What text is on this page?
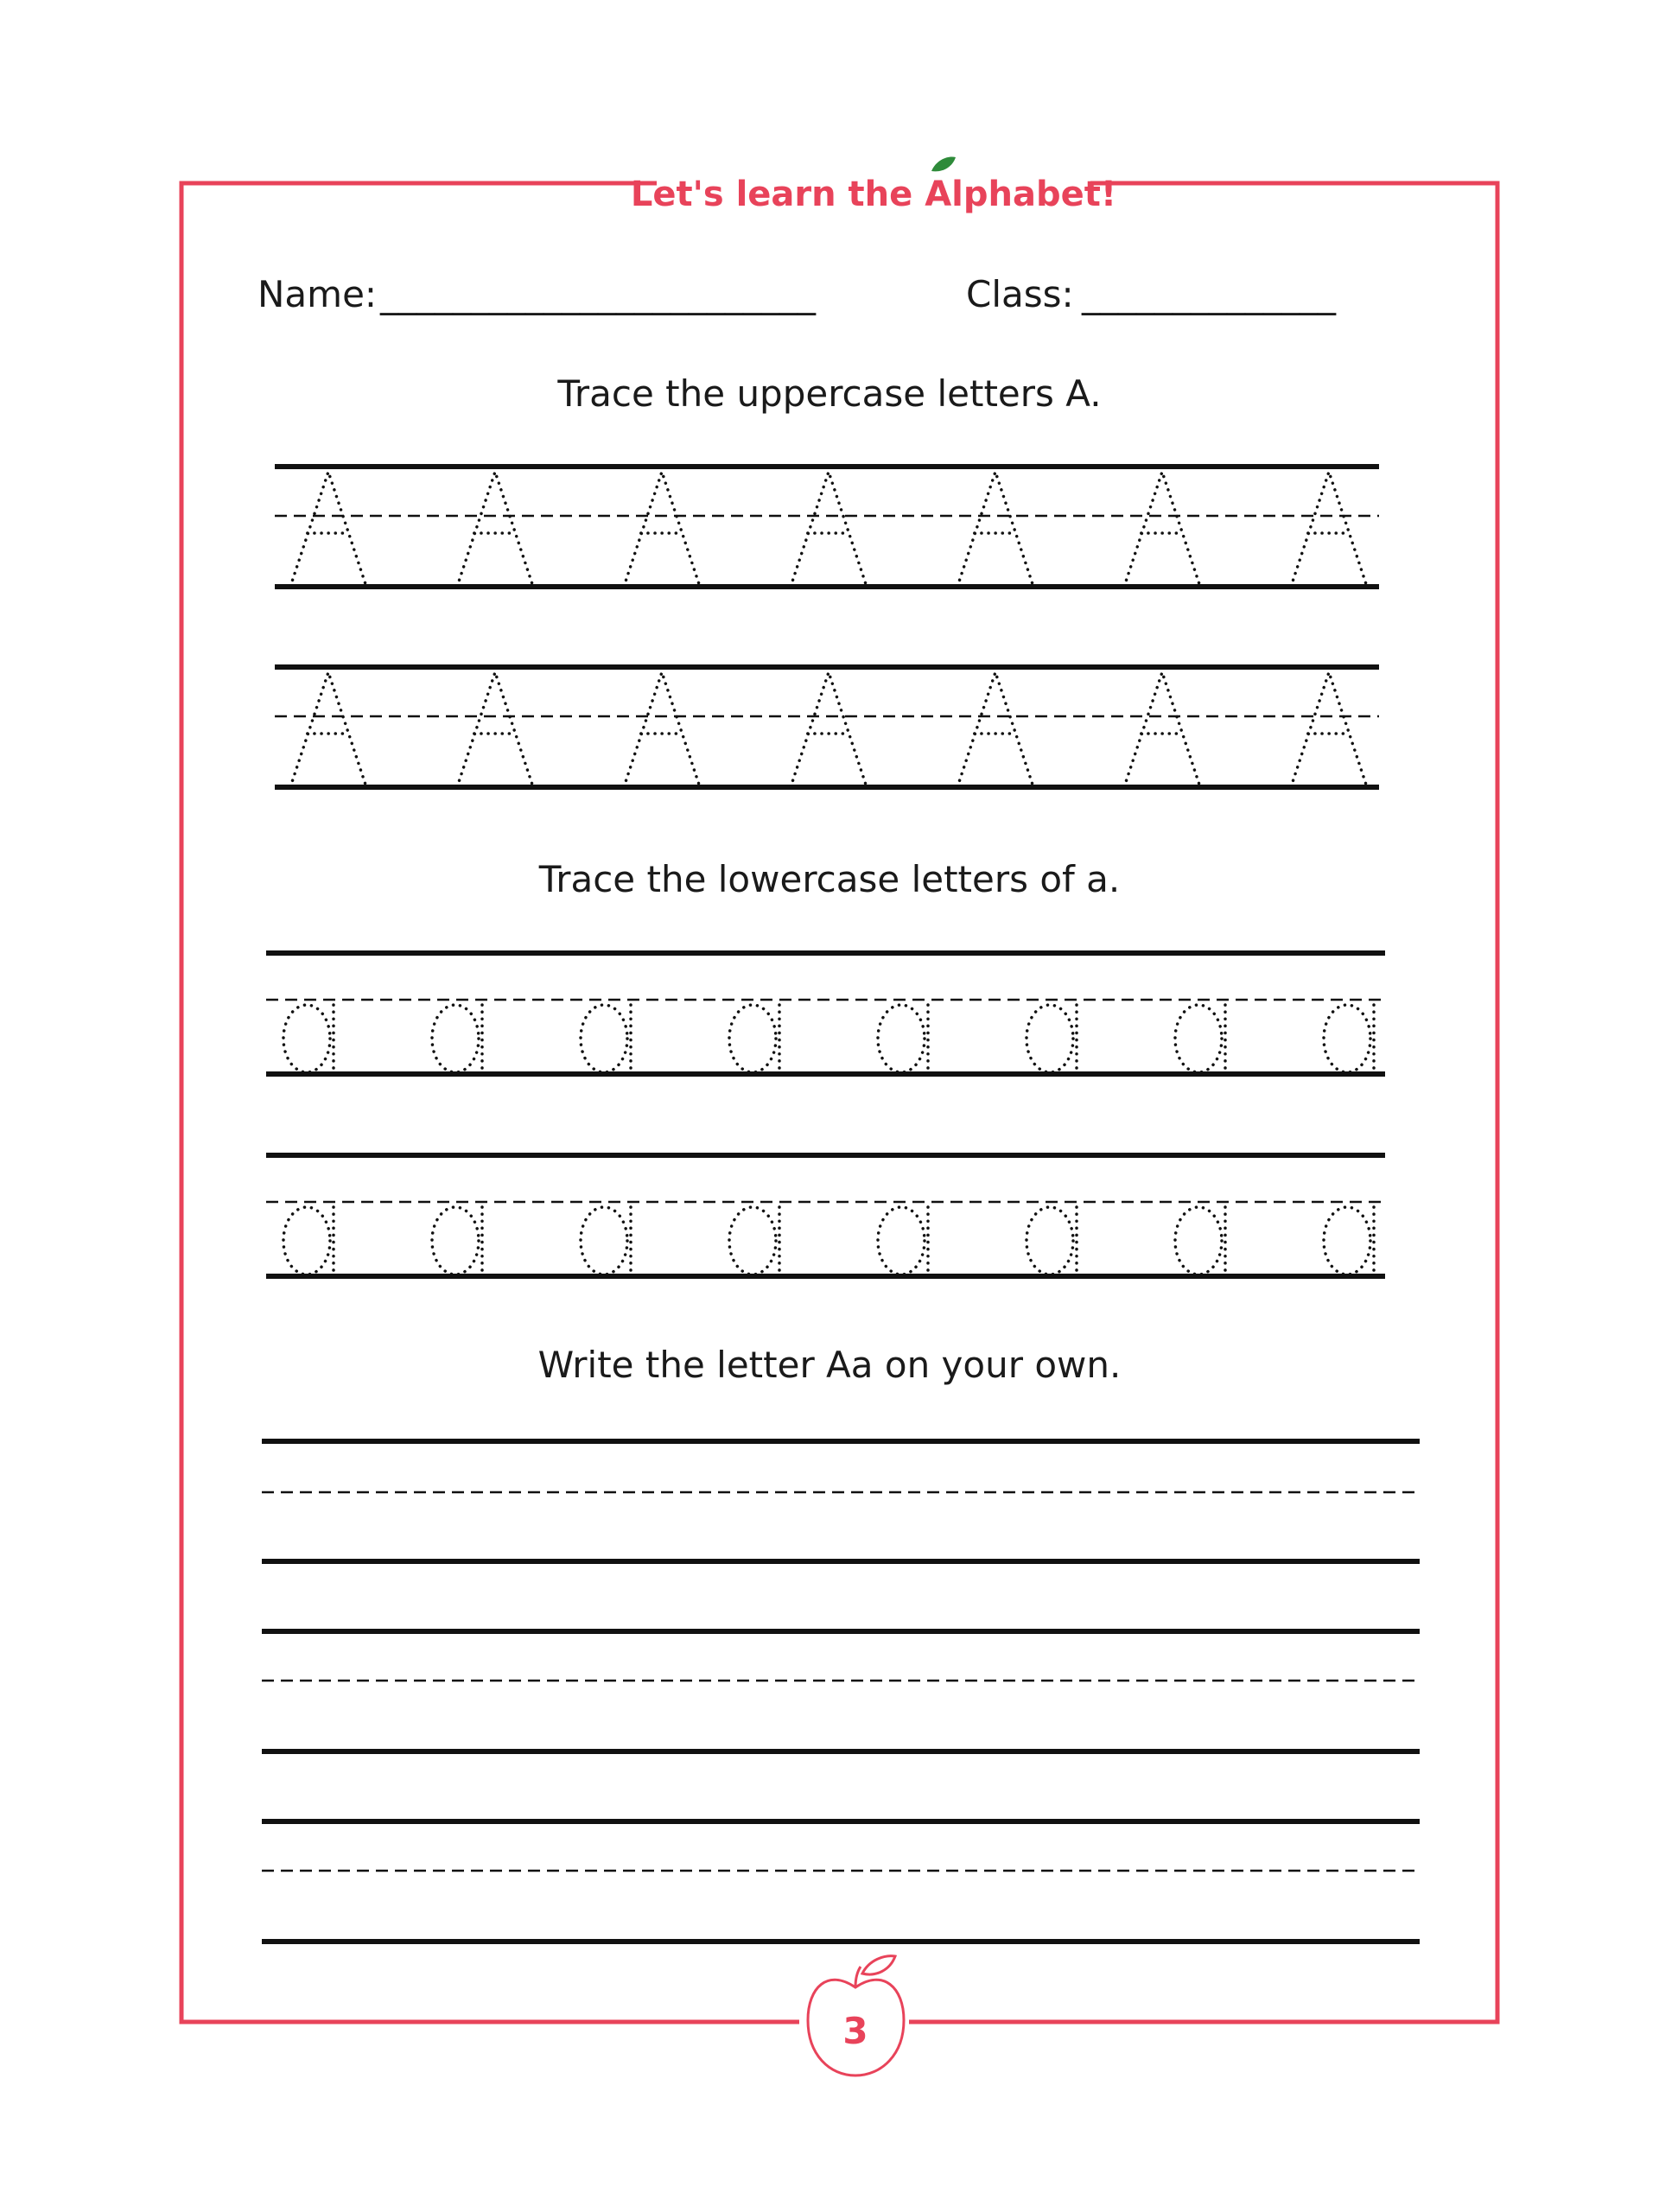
Let's learn the Alphabet!
Name: ________________________	Class: ______________
Trace the uppercase letters A.
Trace the lowercase letters of a.
Write the letter Aa on your own.
3
